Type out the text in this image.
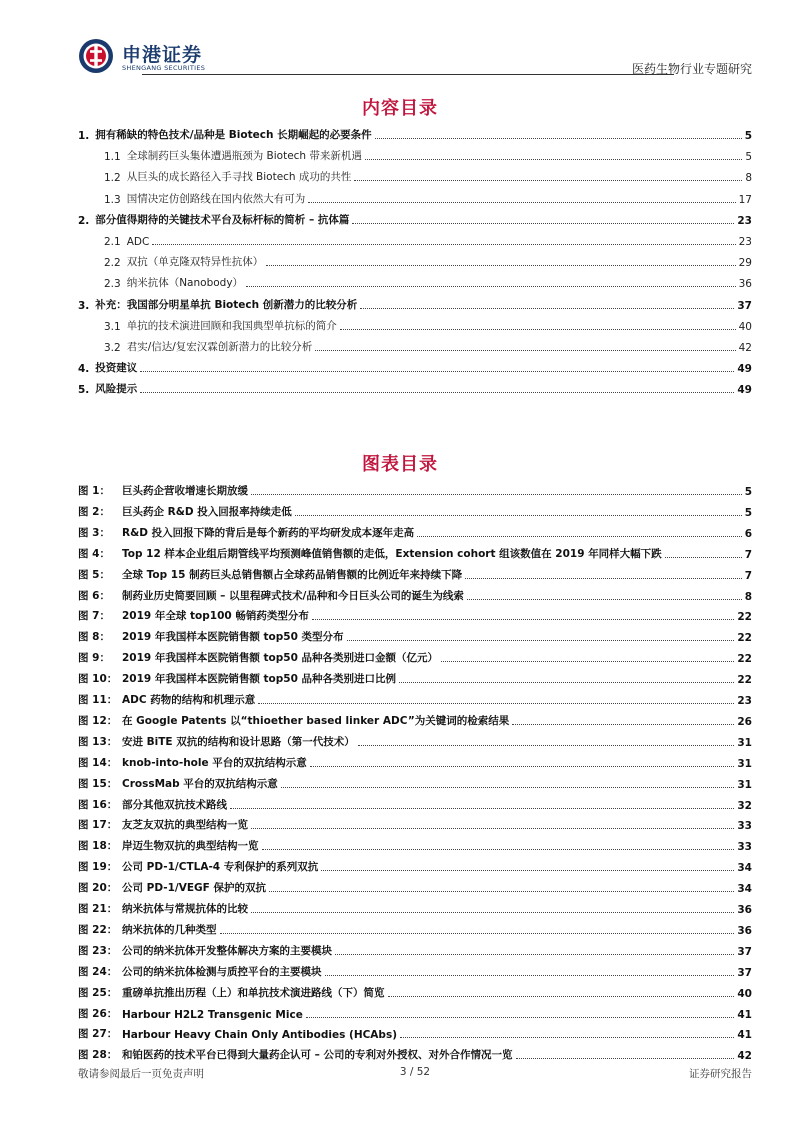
申港证券
SHENGANG SECURITIES	医药生物行业专题研究
内容目录
1. 拥有稀缺的特色技术/品种是 Biotech 长期崛起的必要条件	5
1.1 全球制药巨头集体遭遇瓶颈为 Biotech 带来新机遇	5
1.2 从巨头的成长路径入手寻找 Biotech 成功的共性	8
1.3 国情决定仿创路线在国内依然大有可为	17
2. 部分值得期待的关键技术平台及标杆标的简析 – 抗体篇	23
2.1 ADC	23
2.2 双抗（单克隆双特异性抗体）	29
2.3 纳米抗体（Nanobody）	36
3. 补充：我国部分明星单抗 Biotech 创新潜力的比较分析	37
3.1 单抗的技术演进回顾和我国典型单抗标的简介	40
3.2 君实/信达/复宏汉霖创新潜力的比较分析	42
4. 投资建议	49
5. 风险提示	49
图表目录
图 1：	巨头药企营收增速长期放缓	5
图 2：	巨头药企 R&D 投入回报率持续走低	5
图 3：	R&D 投入回报下降的背后是每个新药的平均研发成本逐年走高	6
图 4：	Top 12 样本企业组后期管线平均预测峰值销售额的走低，Extension cohort 组该数值在 2019 年同样大幅下跌	7
图 5：	全球 Top 15 制药巨头总销售额占全球药品销售额的比例近年来持续下降	7
图 6：	制药业历史简要回顾 – 以里程碑式技术/品种和今日巨头公司的诞生为线索	8
图 7：	2019 年全球 top100 畅销药类型分布	22
图 8：	2019 年我国样本医院销售额 top50 类型分布	22
图 9：	2019 年我国样本医院销售额 top50 品种各类别进口金额（亿元）	22
图 10： 2019 年我国样本医院销售额 top50 品种各类别进口比例	22
图 11： ADC 药物的结构和机理示意	23
图 12： 在 Google Patents 以“thioether based linker ADC”为关键词的检索结果	26
图 13： 安进 BiTE 双抗的结构和设计思路（第一代技术）	31
图 14： knob-into-hole 平台的双抗结构示意	31
图 15： CrossMab 平台的双抗结构示意	31
图 16： 部分其他双抗技术路线	32
图 17： 友芝友双抗的典型结构一览	33
图 18： 岸迈生物双抗的典型结构一览	33
图 19： 公司 PD-1/CTLA-4 专利保护的系列双抗	34
图 20： 公司 PD-1/VEGF 保护的双抗	34
图 21： 纳米抗体与常规抗体的比较	36
图 22： 纳米抗体的几种类型	36
图 23： 公司的纳米抗体开发整体解决方案的主要模块	37
图 24： 公司的纳米抗体检测与质控平台的主要模块	37
图 25： 重磅单抗推出历程（上）和单抗技术演进路线（下）简览	40
图 26： Harbour H2L2 Transgenic Mice	41
图 27： Harbour Heavy Chain Only Antibodies (HCAbs)	41
图 28： 和铂医药的技术平台已得到大量药企认可 – 公司的专利对外授权、对外合作情况一览	42
敬请参阅最后一页免责声明	3 / 52	证券研究报告
